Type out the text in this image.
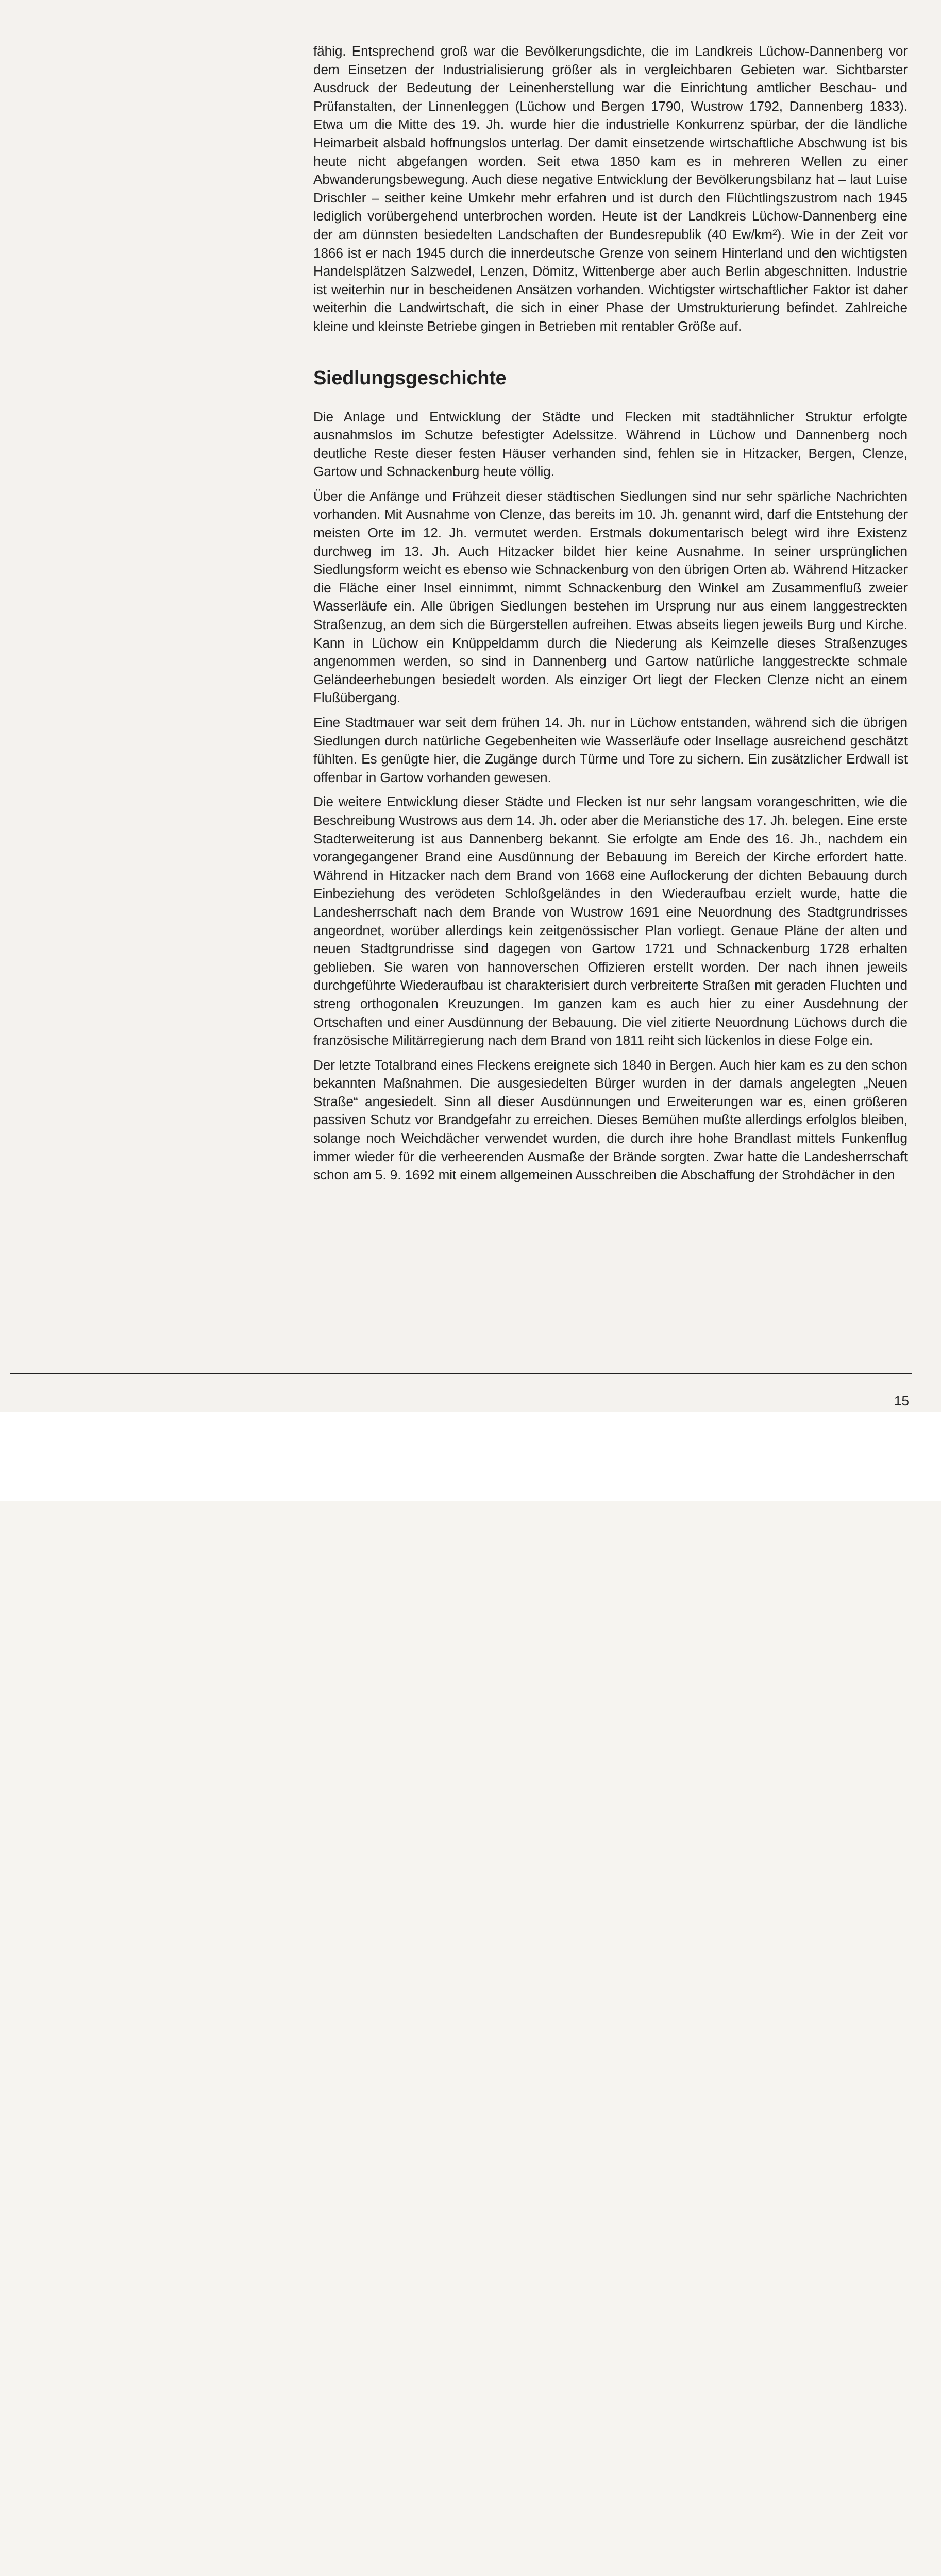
fähig. Entsprechend groß war die Bevölkerungsdichte, die im Landkreis Lüchow-Dannenberg vor dem Einsetzen der Industrialisierung größer als in vergleichbaren Gebieten war. Sichtbarster Ausdruck der Bedeutung der Leinenherstellung war die Einrichtung amtlicher Beschau- und Prüfanstalten, der Linnenleggen (Lüchow und Bergen 1790, Wustrow 1792, Dannenberg 1833). Etwa um die Mitte des 19. Jh. wurde hier die industrielle Konkurrenz spürbar, der die ländliche Heimarbeit alsbald hoffnungslos unterlag. Der damit einsetzende wirtschaftliche Abschwung ist bis heute nicht abgefangen worden. Seit etwa 1850 kam es in mehreren Wellen zu einer Abwanderungsbewegung. Auch diese negative Entwicklung der Bevölkerungsbilanz hat – laut Luise Drischler – seither keine Umkehr mehr erfahren und ist durch den Flüchtlingszustrom nach 1945 lediglich vorübergehend unterbrochen worden. Heute ist der Landkreis Lüchow-Dannenberg eine der am dünnsten besiedelten Landschaften der Bundesrepublik (40 Ew/km²). Wie in der Zeit vor 1866 ist er nach 1945 durch die innerdeutsche Grenze von seinem Hinterland und den wichtigsten Handelsplätzen Salzwedel, Lenzen, Dömitz, Wittenberge aber auch Berlin abgeschnitten. Industrie ist weiterhin nur in bescheidenen Ansätzen vorhanden. Wichtigster wirtschaftlicher Faktor ist daher weiterhin die Landwirtschaft, die sich in einer Phase der Umstrukturierung befindet. Zahlreiche kleine und kleinste Betriebe gingen in Betrieben mit rentabler Größe auf.

Siedlungsgeschichte

Die Anlage und Entwicklung der Städte und Flecken mit stadtähnlicher Struktur erfolgte ausnahmslos im Schutze befestigter Adelssitze. Während in Lüchow und Dannenberg noch deutliche Reste dieser festen Häuser verhanden sind, fehlen sie in Hitzacker, Bergen, Clenze, Gartow und Schnackenburg heute völlig.

Über die Anfänge und Frühzeit dieser städtischen Siedlungen sind nur sehr spärliche Nachrichten vorhanden. Mit Ausnahme von Clenze, das bereits im 10. Jh. genannt wird, darf die Entstehung der meisten Orte im 12. Jh. vermutet werden. Erstmals dokumentarisch belegt wird ihre Existenz durchweg im 13. Jh. Auch Hitzacker bildet hier keine Ausnahme. In seiner ursprünglichen Siedlungsform weicht es ebenso wie Schnackenburg von den übrigen Orten ab. Während Hitzacker die Fläche einer Insel einnimmt, nimmt Schnackenburg den Winkel am Zusammenfluß zweier Wasserläufe ein. Alle übrigen Siedlungen bestehen im Ursprung nur aus einem langgestreckten Straßenzug, an dem sich die Bürgerstellen aufreihen. Etwas abseits liegen jeweils Burg und Kirche. Kann in Lüchow ein Knüppeldamm durch die Niederung als Keimzelle dieses Straßenzuges angenommen werden, so sind in Dannenberg und Gartow natürliche langgestreckte schmale Geländeerhebungen besiedelt worden. Als einziger Ort liegt der Flecken Clenze nicht an einem Flußübergang.

Eine Stadtmauer war seit dem frühen 14. Jh. nur in Lüchow entstanden, während sich die übrigen Siedlungen durch natürliche Gegebenheiten wie Wasserläufe oder Insellage ausreichend geschätzt fühlten. Es genügte hier, die Zugänge durch Türme und Tore zu sichern. Ein zusätzlicher Erdwall ist offenbar in Gartow vorhanden gewesen.

Die weitere Entwicklung dieser Städte und Flecken ist nur sehr langsam vorangeschritten, wie die Beschreibung Wustrows aus dem 14. Jh. oder aber die Merianstiche des 17. Jh. belegen. Eine erste Stadterweiterung ist aus Dannenberg bekannt. Sie erfolgte am Ende des 16. Jh., nachdem ein vorangegangener Brand eine Ausdünnung der Bebauung im Bereich der Kirche erfordert hatte. Während in Hitzacker nach dem Brand von 1668 eine Auflockerung der dichten Bebauung durch Einbeziehung des verödeten Schloßgeländes in den Wiederaufbau erzielt wurde, hatte die Landesherrschaft nach dem Brande von Wustrow 1691 eine Neuordnung des Stadtgrundrisses angeordnet, worüber allerdings kein zeitgenössischer Plan vorliegt. Genaue Pläne der alten und neuen Stadtgrundrisse sind dagegen von Gartow 1721 und Schnackenburg 1728 erhalten geblieben. Sie waren von hannoverschen Offizieren erstellt worden. Der nach ihnen jeweils durchgeführte Wiederaufbau ist charakterisiert durch verbreiterte Straßen mit geraden Fluchten und streng orthogonalen Kreuzungen. Im ganzen kam es auch hier zu einer Ausdehnung der Ortschaften und einer Ausdünnung der Bebauung. Die viel zitierte Neuordnung Lüchows durch die französische Militärregierung nach dem Brand von 1811 reiht sich lückenlos in diese Folge ein.

Der letzte Totalbrand eines Fleckens ereignete sich 1840 in Bergen. Auch hier kam es zu den schon bekannten Maßnahmen. Die ausgesiedelten Bürger wurden in der damals angelegten „Neuen Straße“ angesiedelt. Sinn all dieser Ausdünnungen und Erweiterungen war es, einen größeren passiven Schutz vor Brandgefahr zu erreichen. Dieses Bemühen mußte allerdings erfolglos bleiben, solange noch Weichdächer verwendet wurden, die durch ihre hohe Brandlast mittels Funkenflug immer wieder für die verheerenden Ausmaße der Brände sorgten. Zwar hatte die Landesherrschaft schon am 5. 9. 1692 mit einem allgemeinen Ausschreiben die Abschaffung der Strohdächer in den

15
